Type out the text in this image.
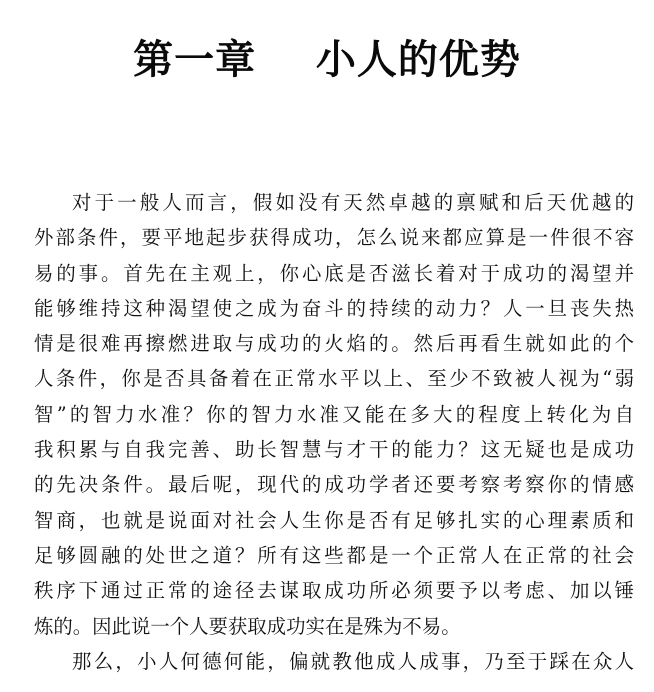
第一章    小人的优势
对于一般人而言，假如没有天然卓越的禀赋和后天优越的
外部条件，要平地起步获得成功，怎么说来都应算是一件很不容
易的事。首先在主观上，你心底是否滋长着对于成功的渴望并
能够维持这种渴望使之成为奋斗的持续的动力？人一旦丧失热
情是很难再擦燃进取与成功的火焰的。然后再看生就如此的个
人条件，你是否具备着在正常水平以上、至少不致被人视为“弱
智”的智力水准？你的智力水准又能在多大的程度上转化为自
我积累与自我完善、助长智慧与才干的能力？这无疑也是成功
的先决条件。最后呢，现代的成功学者还要考察考察你的情感
智商，也就是说面对社会人生你是否有足够扎实的心理素质和
足够圆融的处世之道？所有这些都是一个正常人在正常的社会
秩序下通过正常的途径去谋取成功所必须要予以考虑、加以锤
炼的。因此说一个人要获取成功实在是殊为不易。
那么，小人何德何能，偏就教他成人成事，乃至于踩在众人
